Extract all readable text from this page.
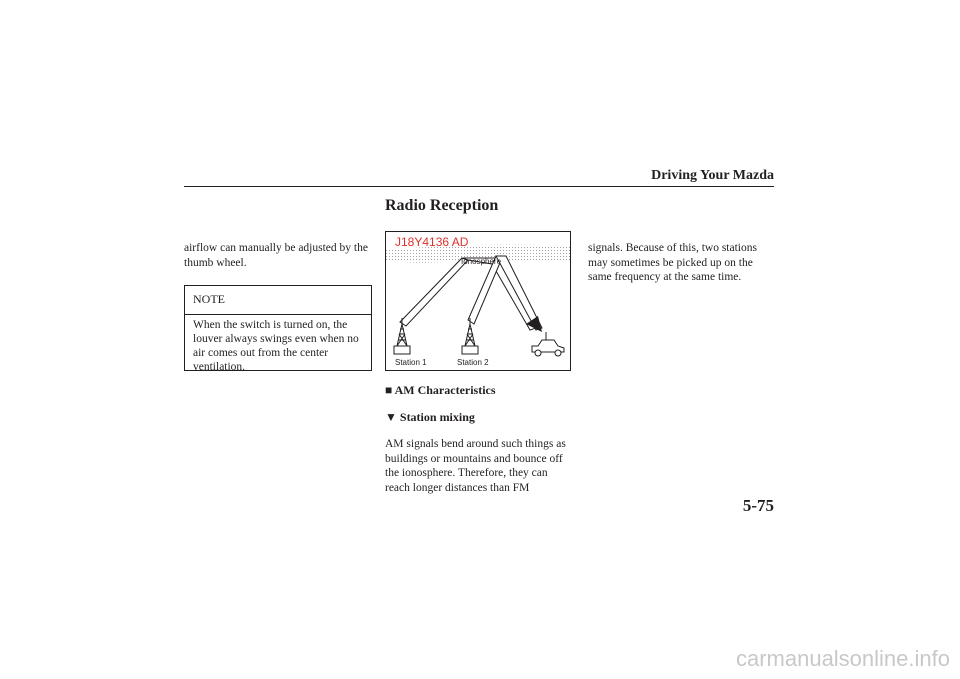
Driving Your Mazda
Radio Reception
airflow can manually be adjusted by the thumb wheel.
NOTE
When the switch is turned on, the louver always swings even when no air comes out from the center ventilation.
J18Y4136 AD
Ionosphere
Station 1	Station 2
■ AM Characteristics
▼ Station mixing
AM signals bend around such things as buildings or mountains and bounce off the ionosphere. Therefore, they can reach longer distances than FM
signals. Because of this, two stations may sometimes be picked up on the same frequency at the same time.
5-75
carmanualsonline.info
